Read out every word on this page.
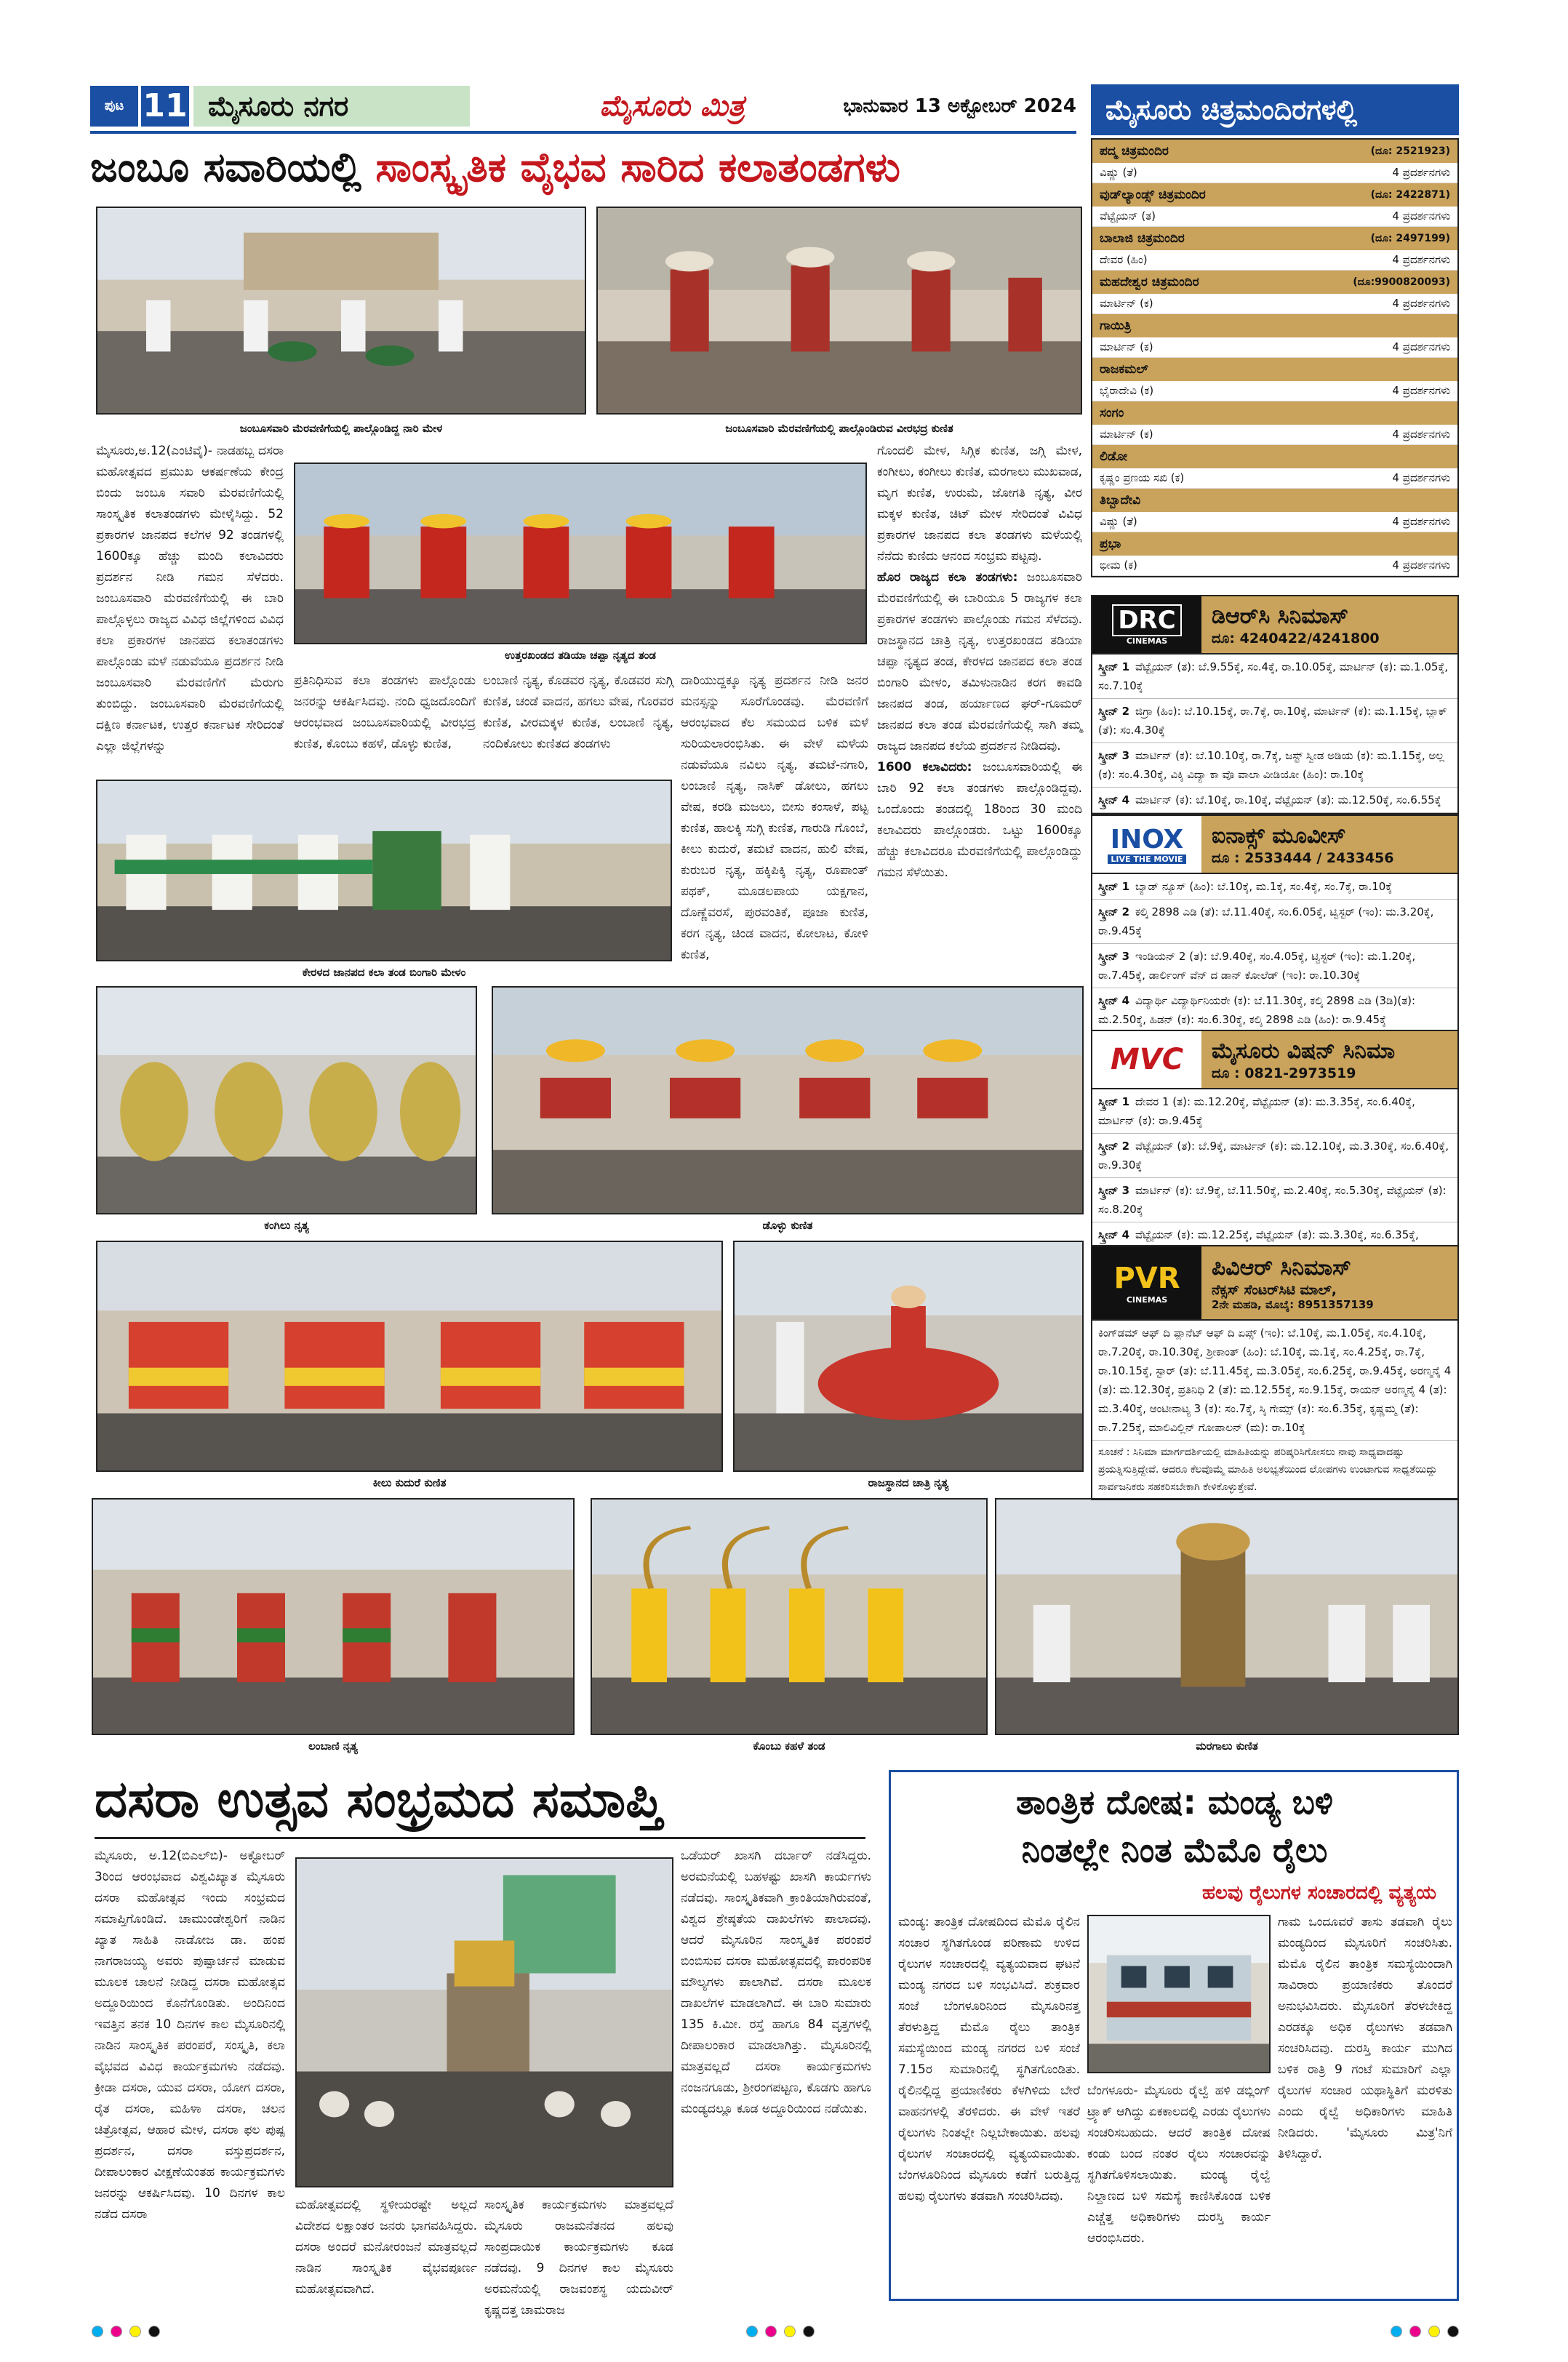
ಪುಟ 11 ಮೈಸೂರು ನಗರ	ಮೈಸೂರು ಮಿತ್ರ	ಭಾನುವಾರ 13 ಅಕ್ಟೋಬರ್ 2024
ಜಂಬೂ ಸವಾರಿಯಲ್ಲಿ ಸಾಂಸ್ಕೃತಿಕ ವೈಭವ ಸಾರಿದ ಕಲಾತಂಡಗಳು
ಜಂಬೂಸವಾರಿ ಮೆರವಣಿಗೆಯಲ್ಲಿ ಪಾಲ್ಗೊಂಡಿದ್ದ ನಾರಿ ಮೇಳ	ಜಂಬೂಸವಾರಿ ಮೆರವಣಿಗೆಯಲ್ಲಿ ಪಾಲ್ಗೊಂಡಿರುವ ವೀರಭದ್ರ ಕುಣಿತ

ಮೈಸೂರು,ಅ.12(ಎಂಟಿವೈ)- ನಾಡಹಬ್ಬ ದಸರಾ ಮಹೋತ್ಸವದ ಪ್ರಮುಖ ಆಕರ್ಷಣೆಯ ಕೇಂದ್ರ ಬಿಂದು ಜಂಬೂ ಸವಾರಿ ಮೆರವಣಿಗೆಯಲ್ಲಿ ಸಾಂಸ್ಕೃತಿಕ ಕಲಾತಂಡಗಳು ಮೇಳೈಸಿದ್ದು. 52 ಪ್ರಕಾರಗಳ ಜಾನಪದ ಕಲೆಗಳ 92 ತಂಡಗಳಲ್ಲಿ 1600ಕ್ಕೂ ಹೆಚ್ಚು ಮಂದಿ ಕಲಾವಿದರು ಪ್ರದರ್ಶನ ನೀಡಿ ಗಮನ ಸೆಳೆದರು. ಜಂಬೂಸವಾರಿ ಮೆರವಣಿಗೆಯಲ್ಲಿ ಈ ಬಾರಿ ಪಾಲ್ಗೊಳ್ಳಲು ರಾಜ್ಯದ ವಿವಿಧ ಜಿಲ್ಲೆಗಳಿಂದ ವಿವಿಧ ಕಲಾ ಪ್ರಕಾರಗಳ ಜಾನಪದ ಕಲಾತಂಡಗಳು ಪಾಲ್ಗೊಂಡು ಮಳೆ ನಡುವೆಯೂ ಪ್ರದರ್ಶನ ನೀಡಿ ಜಂಬೂಸವಾರಿ ಮೆರವಣಿಗೆಗೆ ಮೆರುಗು ತುಂಬಿದ್ದು. ಜಂಬೂಸವಾರಿ ಮೆರವಣಿಗೆಯಲ್ಲಿ ದಕ್ಷಿಣ ಕರ್ನಾಟಕ, ಉತ್ತರ ಕರ್ನಾಟಕ ಸೇರಿದಂತೆ ಎಲ್ಲಾ ಜಿಲ್ಲೆಗಳನ್ನು

ಉತ್ತರಖಂಡದ ತಡಿಯಾ ಚಪ್ಪಾ ನೃತ್ಯದ ತಂಡ

ಗೊಂದಲಿ ಮೇಳ, ಸಿಗ್ಗಿಕ ಕುಣಿತ, ಜಗ್ಗಿ ಮೇಳ, ಕಂಗೀಲು, ಕಂಗೀಲು ಕುಣಿತ, ಮರಗಾಲು ಮುಖವಾಡ, ಮೃಗ ಕುಣಿತ, ಉರುಮೆ, ಜೋಗತಿ ನೃತ್ಯ, ವೀರ ಮಕ್ಕಳ ಕುಣಿತ, ಚಿಟ್ ಮೇಳ ಸೇರಿದಂತೆ ವಿವಿಧ ಪ್ರಕಾರಗಳ ಜಾನಪದ ಕಲಾ ತಂಡಗಳು ಮಳೆಯಲ್ಲಿ ನೆನೆದು ಕುಣಿದು ಆನಂದ ಸಂಭ್ರಮ ಪಟ್ಟವು.

ಹೊರ ರಾಜ್ಯದ ಕಲಾ ತಂಡಗಳು: ಜಂಬೂಸವಾರಿ ಮೆರವಣಿಗೆಯಲ್ಲಿ ಈ ಬಾರಿಯೂ 5 ರಾಜ್ಯಗಳ ಕಲಾ ಪ್ರಕಾರಗಳ ತಂಡಗಳು ಪಾಲ್ಗೊಂಡು ಗಮನ ಸೆಳೆದವು. ರಾಜಸ್ಥಾನದ ಚಾತ್ರಿ ನೃತ್ಯ, ಉತ್ತರಖಂಡದ ತಡಿಯಾ ಚಪ್ಪಾ ನೃತ್ಯದ ತಂಡ, ಕೇರಳದ ಜಾನಪದ ಕಲಾ ತಂಡ ಬಿಂಗಾರಿ ಮೇಳಂ, ತಮಿಳುನಾಡಿನ ಕರಗ ಕಾವಡಿ ಜಾನಪದ ತಂಡ, ಹರ್ಯಾಣದ ಘರ್-ಗೂಮರ್ ಜಾನಪದ ಕಲಾ ತಂಡ ಮೆರವಣಿಗೆಯಲ್ಲಿ ಸಾಗಿ ತಮ್ಮ ರಾಜ್ಯದ ಜಾನಪದ ಕಲೆಯ ಪ್ರದರ್ಶನ ನೀಡಿದವು.

1600 ಕಲಾವಿದರು: ಜಂಬೂಸವಾರಿಯಲ್ಲಿ ಈ ಬಾರಿ 92 ಕಲಾ ತಂಡಗಳು ಪಾಲ್ಗೊಂಡಿದ್ದವು. ಒಂದೊಂದು ತಂಡದಲ್ಲಿ 18ರಿಂದ 30 ಮಂದಿ ಕಲಾವಿದರು ಪಾಲ್ಗೊಂಡರು. ಒಟ್ಟು 1600ಕ್ಕೂ ಹೆಚ್ಚು ಕಲಾವಿದರೂ ಮೆರವಣಿಗೆಯಲ್ಲಿ ಪಾಲ್ಗೊಂಡಿದ್ದು ಗಮನ ಸೆಳೆಯಿತು.

ಪ್ರತಿನಿಧಿಸುವ ಕಲಾ ತಂಡಗಳು ಪಾಲ್ಗೊಂಡು ಜನರನ್ನು ಆಕರ್ಷಿಸಿದವು. ನಂದಿ ಧ್ವಜದೊಂದಿಗೆ ಆರಂಭವಾದ ಜಂಬೂಸವಾರಿಯಲ್ಲಿ ವೀರಭದ್ರ ಕುಣಿತ, ಕೊಂಬು ಕಹಳೆ, ಡೊಳ್ಳು ಕುಣಿತ,

ಲಂಬಾಣಿ ನೃತ್ಯ, ಕೊಡವರ ನೃತ್ಯ, ಕೊಡವರ ಸುಗ್ಗಿ ಕುಣಿತ, ಚಂಡೆ ವಾದನ, ಹಗಲು ವೇಷ, ಗೊರವರ ಕುಣಿತ, ವೀರಮಕ್ಕಳ ಕುಣಿತ, ಲಂಬಾಣಿ ನೃತ್ಯ, ನಂದಿಕೋಲು ಕುಣಿತದ ತಂಡಗಳು

ದಾರಿಯುದ್ದಕ್ಕೂ ನೃತ್ಯ ಪ್ರದರ್ಶನ ನೀಡಿ ಜನರ ಮನಸ್ಸನ್ನು ಸೂರೆಗೊಂಡವು. ಮೆರವಣಿಗೆ ಆರಂಭವಾದ ಕೆಲ ಸಮಯದ ಬಳಿಕ ಮಳೆ ಸುರಿಯಲಾರಂಭಿಸಿತು. ಈ ವೇಳೆ ಮಳೆಯ ನಡುವೆಯೂ ನವಿಲು ನೃತ್ಯ, ತಮಟೆ-ನಗಾರಿ, ಲಂಬಾಣಿ ನೃತ್ಯ, ನಾಸಿಕ್ ಡೋಲು, ಹಗಲು ವೇಷ, ಕರಡಿ ಮಜಲು, ಬೀಸು ಕಂಸಾಳೆ, ಪಟ್ಟ ಕುಣಿತ, ಹಾಲಕ್ಕಿ ಸುಗ್ಗಿ ಕುಣಿತ, ಗಾರುಡಿ ಗೊಂಬೆ, ಕೀಲು ಕುದುರೆ, ತಮಟೆ ವಾದನ, ಹುಲಿ ವೇಷ, ಕುರುಬರ ನೃತ್ಯ, ಹಕ್ಕಿಪಿಕ್ಕಿ ನೃತ್ಯ, ರೂಪಾಂತ್ ಪಥಕ್, ಮೂಡಲಪಾಯ ಯಕ್ಷಗಾನ, ದೊಣ್ಣೆವರಸೆ, ಪುರವಂತಿಕೆ, ಪೂಜಾ ಕುಣಿತ, ಕರಗ ನೃತ್ಯ, ಚಿಂಡ ವಾದನ, ಕೋಲಾಟ, ಕೋಳಿ ಕುಣಿತ,

ಕೇರಳದ ಜಾನಪದ ಕಲಾ ತಂಡ ಬಿಂಗಾರಿ ಮೇಳಂ
ಕಂಗಿಲು ನೃತ್ಯ	ಡೊಳ್ಳು ಕುಣಿತ
ಕೀಲು ಕುದುರೆ ಕುಣಿತ	ರಾಜಸ್ಥಾನದ ಚಾತ್ರಿ ನೃತ್ಯ
ಲಂಬಾಣಿ ನೃತ್ಯ	ಕೊಂಬು ಕಹಳೆ ತಂಡ	ಮರಗಾಲು ಕುಣಿತ
ಮೈಸೂರು ಚಿತ್ರಮಂದಿರಗಳಲ್ಲಿ
ಪದ್ಮ ಚಿತ್ರಮಂದಿರ	(ದೂ: 2521923)
ವಿಷ್ಣು (ತೆ)	4 ಪ್ರದರ್ಶನಗಳು
ವುಡ್‌ಲ್ಯಾಂಡ್ಸ್ ಚಿತ್ರಮಂದಿರ	(ದೂ: 2422871)
ವೆಟ್ಟೈಯನ್ (ತ)	4 ಪ್ರದರ್ಶನಗಳು
ಬಾಲಾಜಿ ಚಿತ್ರಮಂದಿರ	(ದೂ: 2497199)
ದೇವರ (ಹಿಂ)	4 ಪ್ರದರ್ಶನಗಳು
ಮಹದೇಶ್ವರ ಚಿತ್ರಮಂದಿರ	(ದೂ:9900820093)
ಮಾರ್ಟಿನ್ (ಕ)	4 ಪ್ರದರ್ಶನಗಳು
ಗಾಯಿತ್ರಿ
ಮಾರ್ಟಿನ್ (ಕ)	4 ಪ್ರದರ್ಶನಗಳು
ರಾಜಕಮಲ್
ಭೈರಾದೇವಿ (ಕ)	4 ಪ್ರದರ್ಶನಗಳು
ಸಂಗಂ
ಮಾರ್ಟಿನ್ (ಕ)	4 ಪ್ರದರ್ಶನಗಳು
ಲಿಡೋ
ಕೃಷ್ಣಂ ಪ್ರಣಯ ಸಖಿ (ಕ)	4 ಪ್ರದರ್ಶನಗಳು
ತಿಬ್ಬಾದೇವಿ
ವಿಷ್ಣು (ತೆ)	4 ಪ್ರದರ್ಶನಗಳು
ಪ್ರಭಾ
ಭೀಮ (ಕ)	4 ಪ್ರದರ್ಶನಗಳು
DRC
CINEMAS
ಡಿಆರ್‌ಸಿ ಸಿನಿಮಾಸ್
ದೂ: 4240422/4241800
ಸ್ಕ್ರೀನ್ 1 ವೆಟ್ಟೈಯನ್ (ತ): ಬೆ.9.55ಕ್ಕೆ, ಸಂ.4ಕ್ಕೆ, ರಾ.10.05ಕ್ಕೆ, ಮಾರ್ಟಿನ್ (ಕ): ಮ.1.05ಕ್ಕೆ, ಸಂ.7.10ಕ್ಕೆ
ಸ್ಕ್ರೀನ್ 2 ಜಿಗ್ರಾ (ಹಿಂ): ಬೆ.10.15ಕ್ಕೆ, ರಾ.7ಕ್ಕೆ, ರಾ.10ಕ್ಕೆ, ಮಾರ್ಟಿನ್ (ಕ): ಮ.1.15ಕ್ಕೆ, ಬ್ಲಾಕ್ (ತೆ): ಸಂ.4.30ಕ್ಕೆ
ಸ್ಕ್ರೀನ್ 3 ಮಾರ್ಟಿನ್ (ಕ): ಬೆ.10.10ಕ್ಕೆ, ರಾ.7ಕ್ಕೆ, ಜಸ್ಟ್ ಸ್ವೀಡ ಅಡಿಯ (ಕ): ಮ.1.15ಕ್ಕೆ, ಅಲ್ಲ (ಕ): ಸಂ.4.30ಕ್ಕೆ, ವಿಕ್ಕಿ ವಿದ್ಯಾ ಕಾ ವೊ ವಾಲಾ ವೀಡಿಯೋ (ಹಿಂ): ರಾ.10ಕ್ಕೆ
ಸ್ಕ್ರೀನ್ 4 ಮಾರ್ಟಿನ್ (ಕ): ಬೆ.10ಕ್ಕೆ, ರಾ.10ಕ್ಕೆ, ವೆಟ್ಟೈಯನ್ (ತ): ಮ.12.50ಕ್ಕೆ, ಸಂ.6.55ಕ್ಕೆ
INOX
LIVE THE MOVIE
ಐನಾಕ್ಸ್ ಮೂವೀಸ್
ದೂ : 2533444 / 2433456
ಸ್ಕ್ರೀನ್ 1 ಬ್ಯಾಡ್ ನ್ಯೂಸ್ (ಹಿಂ): ಬೆ.10ಕ್ಕೆ, ಮ.1ಕ್ಕೆ, ಸಂ.4ಕ್ಕೆ, ಸಂ.7ಕ್ಕೆ, ರಾ.10ಕ್ಕೆ
ಸ್ಕ್ರೀನ್ 2 ಕಲ್ಕಿ 2898 ಎಡಿ (ತೆ): ಬೆ.11.40ಕ್ಕೆ, ಸಂ.6.05ಕ್ಕೆ, ಟ್ವಿಸ್ಟರ್ (ಇಂ): ಮ.3.20ಕ್ಕೆ, ರಾ.9.45ಕ್ಕೆ
ಸ್ಕ್ರೀನ್ 3 ಇಂಡಿಯನ್ 2 (ತ): ಬೆ.9.40ಕ್ಕೆ, ಸಂ.4.05ಕ್ಕೆ, ಟ್ವಿಸ್ಟರ್ (ಇಂ): ಮ.1.20ಕ್ಕೆ, ರಾ.7.45ಕ್ಕೆ, ಡಾರ್ಲಿಂಗ್ ವೆನ್ ದ ಡಾನ್ ಕೋಲೆಡ್ (ಇಂ): ರಾ.10.30ಕ್ಕೆ
ಸ್ಕ್ರೀನ್ 4 ವಿದ್ಯಾರ್ಥಿ ವಿದ್ಯಾರ್ಥಿನಿಯರೇ (ಕ): ಬೆ.11.30ಕ್ಕೆ, ಕಲ್ಕಿ 2898 ಎಡಿ (3ಡಿ)(ತ): ಮ.2.50ಕ್ಕೆ, ಹಿಡನ್ (ಕ): ಸಂ.6.30ಕ್ಕೆ, ಕಲ್ಕಿ 2898 ಎಡಿ (ಹಿಂ): ರಾ.9.45ಕ್ಕೆ
MVC ಮೈಸೂರು ವಿಷನ್ ಸಿನಿಮಾ
ದೂ : 0821-2973519
ಸ್ಕ್ರೀನ್ 1 ದೇವರ 1 (ತ): ಮ.12.20ಕ್ಕೆ, ವೆಟ್ಟೈಯನ್ (ತ): ಮ.3.35ಕ್ಕೆ, ಸಂ.6.40ಕ್ಕೆ, ಮಾರ್ಟಿನ್ (ಕ): ರಾ.9.45ಕ್ಕೆ
ಸ್ಕ್ರೀನ್ 2 ವೆಟ್ಟೈಯನ್ (ತ): ಬೆ.9ಕ್ಕೆ, ಮಾರ್ಟಿನ್ (ಕ): ಮ.12.10ಕ್ಕೆ, ಮ.3.30ಕ್ಕೆ, ಸಂ.6.40ಕ್ಕೆ, ರಾ.9.30ಕ್ಕೆ
ಸ್ಕ್ರೀನ್ 3 ಮಾರ್ಟಿನ್ (ಕ): ಬೆ.9ಕ್ಕೆ, ಬೆ.11.50ಕ್ಕೆ, ಮ.2.40ಕ್ಕೆ, ಸಂ.5.30ಕ್ಕೆ, ವೆಟ್ಟೈಯನ್ (ತ): ಸಂ.8.20ಕ್ಕೆ
ಸ್ಕ್ರೀನ್ 4 ವೆಟ್ಟೈಯನ್ (ಕ): ಮ.12.25ಕ್ಕೆ, ವೆಟ್ಟೈಯನ್ (ತ): ಮ.3.30ಕ್ಕೆ, ಸಂ.6.35ಕ್ಕೆ,
PVR
CINEMAS
ಪಿವಿಆರ್ ಸಿನಿಮಾಸ್
ನೆಕ್ಸಸ್ ಸೆಂಟರ್‌ಸಿಟಿ ಮಾಲ್,
2ನೇ ಮಹಡಿ, ಮೊಬೈ: 8951357139
ಕಿಂಗ್‌ಡಮ್ ಆಫ್ ದಿ ಪ್ಲಾನೆಟ್ ಆಫ್ ದಿ ಏಪ್ಸ್ (ಇಂ): ಬೆ.10ಕ್ಕೆ, ಮ.1.05ಕ್ಕೆ, ಸಂ.4.10ಕ್ಕೆ, ರಾ.7.20ಕ್ಕೆ, ರಾ.10.30ಕ್ಕೆ, ಶ್ರೀಕಾಂತ್ (ಹಿಂ): ಬೆ.10ಕ್ಕೆ, ಮ.1ಕ್ಕೆ, ಸಂ.4.25ಕ್ಕೆ, ರಾ.7ಕ್ಕೆ, ರಾ.10.15ಕ್ಕೆ, ಸ್ಟಾರ್ (ತ): ಬೆ.11.45ಕ್ಕೆ, ಮ.3.05ಕ್ಕೆ, ಸಂ.6.25ಕ್ಕೆ, ರಾ.9.45ಕ್ಕೆ, ಅರಣ್ಮನೈ 4 (ತ): ಮ.12.30ಕ್ಕೆ, ಪ್ರತಿನಿಧಿ 2 (ತೆ): ಮ.12.55ಕ್ಕೆ, ಸಂ.9.15ಕ್ಕೆ, ರಾಯನ್ ಅರಣ್ಮನೈ 4 (ತ): ಮ.3.40ಕ್ಕೆ, ಆಂಟೀನಾಟ್ಯ 3 (ಕ): ಸಂ.7ಕ್ಕೆ, ಸ್ಕಿ ಗೇಮ್ಸ್ (ಕ): ಸಂ.6.35ಕ್ಕೆ, ಕೃಷ್ಣಮ್ಮ (ತೆ): ರಾ.7.25ಕ್ಕೆ, ಮಾಲಿವಿಲ್ಲಿನ್ ಗೋಪಾಲನ್ (ಮ): ರಾ.10ಕ್ಕೆ
ಸೂಚನೆ : ಸಿನಿಮಾ ಮಾರ್ಗದರ್ಶಿಯಲ್ಲಿ ಮಾಹಿತಿಯನ್ನು ಪರಿಷ್ಕರಿಸಿಗೋಸಲು ನಾವು ಸಾಧ್ಯವಾದಷ್ಟು ಪ್ರಯತ್ನಿಸುತ್ತಿದ್ದೇವೆ. ಆದರೂ ಕೆಲವೊಮ್ಮೆ ಮಾಹಿತಿ ಅಲಭ್ಯತೆಯಿಂದ ಲೋಪಗಳು ಉಂಟಾಗುವ ಸಾಧ್ಯತೆಯಿದ್ದು ಸಾರ್ವಜನಿಕರು ಸಹಕರಿಸಬೇಕಾಗಿ ಕೇಳಿಕೊಳ್ಳುತ್ತೇವೆ.
ದಸರಾ ಉತ್ಸವ ಸಂಭ್ರಮದ ಸಮಾಪ್ತಿ

ಮೈಸೂರು, ಅ.12(ಬಿಎಲ್‌ಬಿ)- ಅಕ್ಟೋಬರ್ 3ರಿಂದ ಆರಂಭವಾದ ವಿಶ್ವವಿಖ್ಯಾತ ಮೈಸೂರು ದಸರಾ ಮಹೋತ್ಸವ ಇಂದು ಸಂಭ್ರಮದ ಸಮಾಪ್ತಿಗೊಂಡಿದೆ. ಚಾಮುಂಡೇಶ್ವರಿಗೆ ನಾಡಿನ ಖ್ಯಾತ ಸಾಹಿತಿ ನಾಡೋಜ ಡಾ. ಹಂಪ ನಾಗರಾಜಯ್ಯ ಅವರು ಪುಷ್ಪಾರ್ಚನೆ ಮಾಡುವ ಮೂಲಕ ಚಾಲನೆ ನೀಡಿದ್ದ ದಸರಾ ಮಹೋತ್ಸವ ಅದ್ದೂರಿಯಿಂದ ಕೊನೆಗೊಂಡಿತು. ಅಂದಿನಿಂದ ಇವತ್ತಿನ ತನಕ 10 ದಿನಗಳ ಕಾಲ ಮೈಸೂರಿನಲ್ಲಿ ನಾಡಿನ ಸಾಂಸ್ಕೃತಿಕ ಪರಂಪರೆ, ಸಂಸ್ಕೃತಿ, ಕಲಾ ವೈಭವದ ವಿವಿಧ ಕಾರ್ಯಕ್ರಮಗಳು ನಡೆದವು. ಕ್ರೀಡಾ ದಸರಾ, ಯುವ ದಸರಾ, ಯೋಗ ದಸರಾ, ರೈತ ದಸರಾ, ಮಹಿಳಾ ದಸರಾ, ಚಲನ ಚಿತ್ರೋತ್ಸವ, ಆಹಾರ ಮೇಳ, ದಸರಾ ಫಲ ಪುಷ್ಪ ಪ್ರದರ್ಶನ, ದಸರಾ ವಸ್ತುಪ್ರದರ್ಶನ, ದೀಪಾಲಂಕಾರ ವೀಕ್ಷಣೆಯಂತಹ ಕಾರ್ಯಕ್ರಮಗಳು ಜನರನ್ನು ಆಕರ್ಷಿಸಿದವು. 10 ದಿನಗಳ ಕಾಲ ನಡೆದ ದಸರಾ

ಮಹೋತ್ಸವದಲ್ಲಿ ಸ್ಥಳೀಯರಷ್ಟೇ ಅಲ್ಲದೆ ವಿದೇಶದ ಲಕ್ಷಾಂತರ ಜನರು ಭಾಗವಹಿಸಿದ್ದರು. ದಸರಾ ಅಂದರೆ ಮನೋರಂಜನೆ ಮಾತ್ರವಲ್ಲದೆ ನಾಡಿನ ಸಾಂಸ್ಕೃತಿಕ ವೈಭವಪೂರ್ಣ ಮಹೋತ್ಸವವಾಗಿದೆ.

ಸಾಂಸ್ಕೃತಿಕ ಕಾರ್ಯಕ್ರಮಗಳು ಮಾತ್ರವಲ್ಲದೆ ಮೈಸೂರು ರಾಜಮನೆತನದ ಹಲವು ಸಾಂಪ್ರದಾಯಿಕ ಕಾರ್ಯಕ್ರಮಗಳು ಕೂಡ ನಡೆದವು. 9 ದಿನಗಳ ಕಾಲ ಮೈಸೂರು ಅರಮನೆಯಲ್ಲಿ ರಾಜವಂಶಸ್ಥ ಯದುವೀರ್ ಕೃಷ್ಣದತ್ತ ಚಾಮರಾಜ

ಒಡೆಯರ್ ಖಾಸಗಿ ದರ್ಬಾರ್ ನಡೆಸಿದ್ದರು. ಅರಮನೆಯಲ್ಲಿ ಬಹಳಷ್ಟು ಖಾಸಗಿ ಕಾರ್ಯಗಳು ನಡೆದವು. ಸಾಂಸ್ಕೃತಿಕವಾಗಿ ಕ್ರಾಂತಿಯಾಗಿರುವಂತೆ, ವಿಶ್ವದ ಶ್ರೇಷ್ಠತೆಯ ದಾಖಲೆಗಳು ಪಾಲಾದವು. ಆದರೆ ಮೈಸೂರಿನ ಸಾಂಸ್ಕೃತಿಕ ಪರಂಪರೆ ಬಿಂಬಿಸುವ ದಸರಾ ಮಹೋತ್ಸವದಲ್ಲಿ ಪಾರಂಪರಿಕ ಮೌಲ್ಯಗಳು ಪಾಲಾಗಿವೆ. ದಸರಾ ಮೂಲಕ ದಾಖಲೆಗಳ ಮಾಡಲಾಗಿದೆ. ಈ ಬಾರಿ ಸುಮಾರು 135 ಕಿ.ಮೀ. ರಸ್ತೆ ಹಾಗೂ 84 ವೃತ್ತಗಳಲ್ಲಿ ದೀಪಾಲಂಕಾರ ಮಾಡಲಾಗಿತ್ತು. ಮೈಸೂರಿನಲ್ಲಿ ಮಾತ್ರವಲ್ಲದೆ ದಸರಾ ಕಾರ್ಯಕ್ರಮಗಳು ನಂಜನಗೂಡು, ಶ್ರೀರಂಗಪಟ್ಟಣ, ಕೊಡಗು ಹಾಗೂ ಮಂಡ್ಯದಲ್ಲೂ ಕೂಡ ಅದ್ದೂರಿಯಿಂದ ನಡೆಯಿತು.

ತಾಂತ್ರಿಕ ದೋಷ: ಮಂಡ್ಯ ಬಳಿ
ನಿಂತಲ್ಲೇ ನಿಂತ ಮೆಮೊ ರೈಲು
ಹಲವು ರೈಲುಗಳ ಸಂಚಾರದಲ್ಲಿ ವ್ಯತ್ಯಯ

ಮಂಡ್ಯ: ತಾಂತ್ರಿಕ ದೋಷದಿಂದ ಮೆಮೊ ರೈಲಿನ ಸಂಚಾರ ಸ್ಥಗಿತಗೊಂಡ ಪರಿಣಾಮ ಉಳಿದ ರೈಲುಗಳ ಸಂಚಾರದಲ್ಲಿ ವ್ಯತ್ಯಯವಾದ ಘಟನೆ ಮಂಡ್ಯ ನಗರದ ಬಳಿ ಸಂಭವಿಸಿದೆ. ಶುಕ್ರವಾರ ಸಂಜೆ ಬೆಂಗಳೂರಿನಿಂದ ಮೈಸೂರಿನತ್ತ ತೆರಳುತ್ತಿದ್ದ ಮೆಮೊ ರೈಲು ತಾಂತ್ರಿಕ ಸಮಸ್ಯೆಯಿಂದ ಮಂಡ್ಯ ನಗರದ ಬಳಿ ಸಂಜೆ 7.15ರ ಸುಮಾರಿನಲ್ಲಿ ಸ್ಥಗಿತಗೊಂಡಿತು. ರೈಲಿನಲ್ಲಿದ್ದ ಪ್ರಯಾಣಿಕರು ಕೆಳಗಿಳಿದು ಬೇರೆ ವಾಹನಗಳಲ್ಲಿ ತೆರಳಿದರು. ಈ ವೇಳೆ ಇತರೆ ರೈಲುಗಳು ನಿಂತಲ್ಲೇ ನಿಲ್ಲಬೇಕಾಯಿತು. ಹಲವು ರೈಲುಗಳ ಸಂಚಾರದಲ್ಲಿ ವ್ಯತ್ಯಯವಾಯಿತು. ಬೆಂಗಳೂರಿನಿಂದ ಮೈಸೂರು ಕಡೆಗೆ ಬರುತ್ತಿದ್ದ ಹಲವು ರೈಲುಗಳು ತಡವಾಗಿ ಸಂಚರಿಸಿದವು.

ಬೆಂಗಳೂರು- ಮೈಸೂರು ರೈಲ್ವೆ ಹಳಿ ಡಬ್ಲಿಂಗ್ ಟ್ರ್ಯಾಕ್ ಆಗಿದ್ದು ಏಕಕಾಲದಲ್ಲಿ ಎರಡು ರೈಲುಗಳು ಸಂಚರಿಸಬಹುದು. ಆದರೆ ತಾಂತ್ರಿಕ ದೋಷ ಕಂಡು ಬಂದ ನಂತರ ರೈಲು ಸಂಚಾರವನ್ನು ಸ್ಥಗಿತಗೊಳಿಸಲಾಯಿತು. ಮಂಡ್ಯ ರೈಲ್ವೆ ನಿಲ್ದಾಣದ ಬಳಿ ಸಮಸ್ಯೆ ಕಾಣಿಸಿಕೊಂಡ ಬಳಿಕ ಎಚ್ಚೆತ್ತ ಅಧಿಕಾರಿಗಳು ದುರಸ್ತಿ ಕಾರ್ಯ ಆರಂಭಿಸಿದರು.

ಗಾಮ ಒಂದೂವರೆ ತಾಸು ತಡವಾಗಿ ರೈಲು ಮಂಡ್ಯದಿಂದ ಮೈಸೂರಿಗೆ ಸಂಚರಿಸಿತು. ಮೆಮೊ ರೈಲಿನ ತಾಂತ್ರಿಕ ಸಮಸ್ಯೆಯಿಂದಾಗಿ ಸಾವಿರಾರು ಪ್ರಯಾಣಿಕರು ತೊಂದರೆ ಅನುಭವಿಸಿದರು. ಮೈಸೂರಿಗೆ ತೆರಳಬೇಕಿದ್ದ ಎರಡಕ್ಕೂ ಅಧಿಕ ರೈಲುಗಳು ತಡವಾಗಿ ಸಂಚರಿಸಿದವು. ದುರಸ್ತಿ ಕಾರ್ಯ ಮುಗಿದ ಬಳಿಕ ರಾತ್ರಿ 9 ಗಂಟೆ ಸುಮಾರಿಗೆ ಎಲ್ಲಾ ರೈಲುಗಳ ಸಂಚಾರ ಯಥಾಸ್ಥಿತಿಗೆ ಮರಳಿತು ಎಂದು ರೈಲ್ವೆ ಅಧಿಕಾರಿಗಳು ಮಾಹಿತಿ ನೀಡಿದರು. 'ಮೈಸೂರು ಮಿತ್ರ'ನಿಗೆ ತಿಳಿಸಿದ್ದಾರೆ.
